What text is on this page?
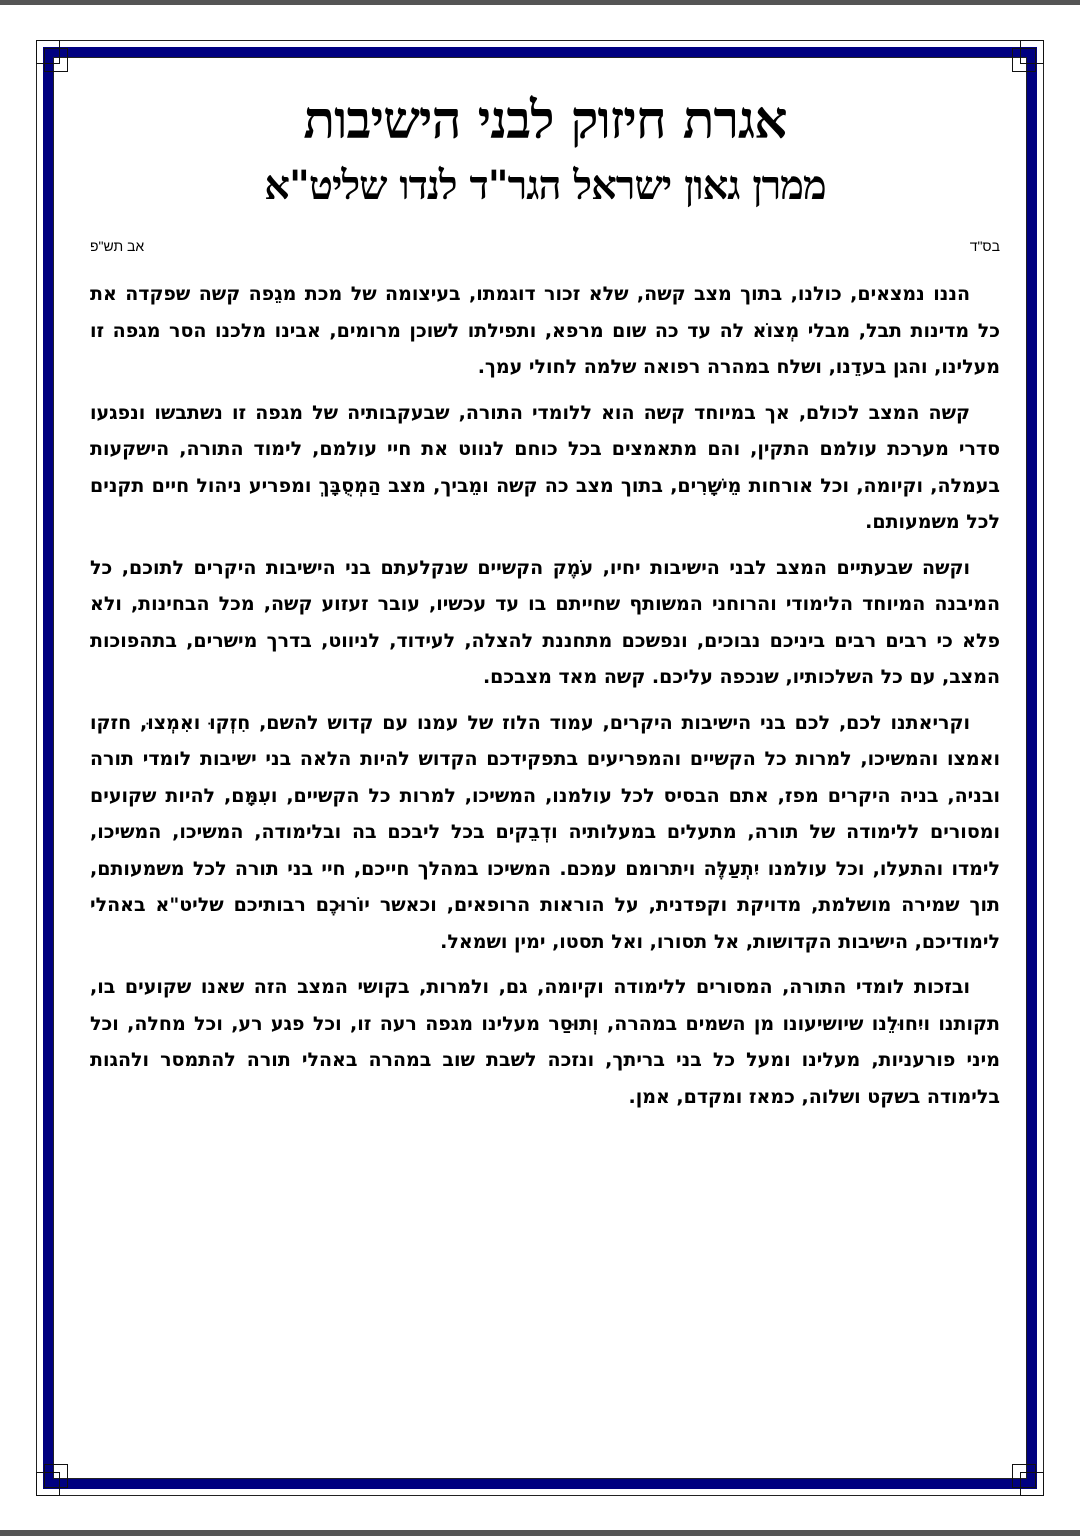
אגרת חיזוק לבני הישיבות
ממרן גאון ישראל הגר"ד לנדו שליט"א
בס"ד
אב תש"פ

הננו נמצאים, כולנו, בתוך מצב קשה, שלא זכור דוגמתו, בעיצומה של מכת מגֵפה קשה שפקדה את כל מדינות תבל, מבלי מְצוֹא לה עד כה שום מרפא, ותפילתו לשוכן מרומים, אבינו מלכנו הסר מגפה זו מעלינו, והגן בעדֵנו, ושלח במהרה רפואה שלמה לחולי עמך.

קשה המצב לכולם, אך במיוחד קשה הוא ללומדי התורה, שבעקבותיה של מגפה זו נשתבשו ונפגעו סדרי מערכת עולמם התקין, והם מתאמצים בכל כוחם לנווט את חיי עולמם, לימוד התורה, הישקעות בעמלה, וקיומה, וכל אורחות מֵישָׁרִים, בתוך מצב כה קשה ומֵביך, מצב הַמְסֻבָּךְ ומפריע ניהול חיים תקנים לכל משמעותם.

וקשה שבעתיים המצב לבני הישיבות יחיו, עֹמֶק הקשיים שנקלעתם בני הישיבות היקרים לתוכם, כל המיבנה המיוחד הלימודי והרוחני המשותף שחייתם בו עד עכשיו, עובר זעזוע קשה, מכל הבחינות, ולא פלא כי רבים רבים ביניכם נבוכים, ונפשכם מתחננת להצלה, לעידוד, לניווט, בדרך מישרים, בתהפוכות המצב, עם כל השלכותיו, שנכפה עליכם. קשה מאד מצבכם.

וקריאתנו לכם, לכם בני הישיבות היקרים, עמוד הלוז של עמנו עם קדוש להשם, חִזְקוּ ואִמְצוּ, חזקו ואמצו והמשיכו, למרות כל הקשיים והמפריעים בתפקידכם הקדוש להיות הלאה בני ישיבות לומדי תורה ובניה, בניה היקרים מפז, אתם הבסיס לכל עולמנו, המשיכו, למרות כל הקשיים, ועִמָּם, להיות שקועים ומסורים ללימודה של תורה, מתעלים במעלותיה ודְבֵקים בכל ליבכם בה ובלימודה, המשיכו, המשיכו, לימדו והתעלו, וכל עולמנו יִתְעַלֶּה ויתרומם עמכם. המשיכו במהלך חייכם, חיי בני תורה לכל משמעותם, תוך שמירה מושלמת, מדויקת וקפדנית, על הוראות הרופאים, וכאשר יוֹרוּכֶם רבותיכם שליט"א באהלי לימודיכם, הישיבות הקדושות, אל תסורו, ואל תסטו, ימין ושמאל.

ובזכות לומדי התורה, המסורים ללימודה וקיומה, גם, ולמרות, בקושי המצב הזה שאנו שקועים בו, תקותנו ויִחוּלֵנו שיושיעונו מן השמים במהרה, וְתוּסַר מעלינו מגפה רעה זו, וכל פגע רע, וכל מחלה, וכל מיני פורעניות, מעלינו ומעל כל בני בריתך, ונזכה לשבת שוב במהרה באהלי תורה להתמסר ולהגות בלימודה בשקט ושלוה, כמאז ומקדם, אמן.
